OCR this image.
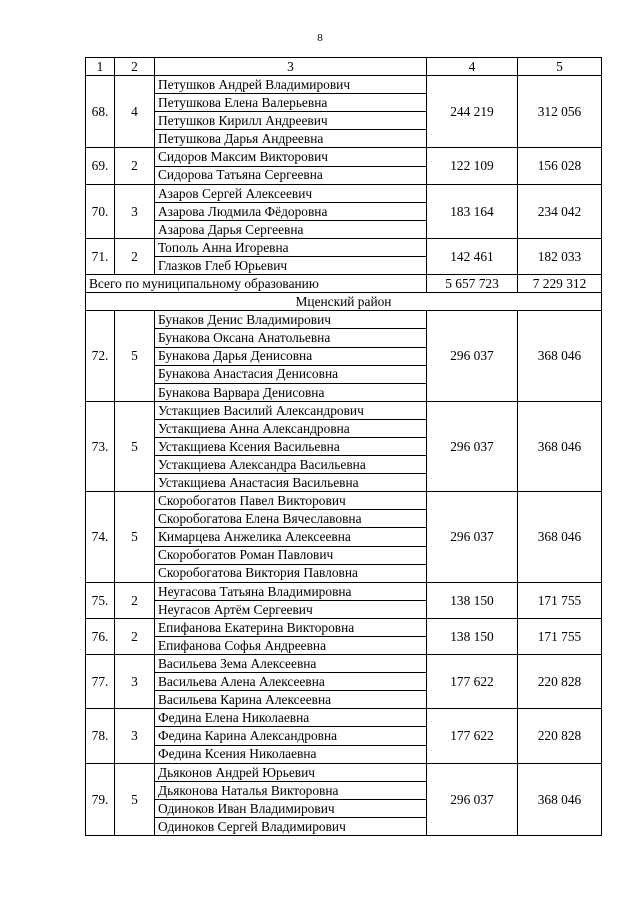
8
1	2	3	4	5
68.	4	Петушков Андрей Владимирович	244 219	312 056
		Петушкова Елена Валерьевна		
		Петушков Кирилл Андреевич		
		Петушкова Дарья Андреевна		
69.	2	Сидоров Максим Викторович	122 109	156 028
		Сидорова Татьяна Сергеевна		
70.	3	Азаров Сергей Алексеевич	183 164	234 042
		Азарова Людмила Фёдоровна		
		Азарова Дарья Сергеевна		
71.	2	Тополь Анна Игоревна	142 461	182 033
		Глазков Глеб Юрьевич		
Всего по муниципальному образованию			5 657 723	7 229 312
Мценский район				
72.	5	Бунаков Денис Владимирович	296 037	368 046
		Бунакова Оксана Анатольевна		
		Бунакова Дарья Денисовна		
		Бунакова Анастасия Денисовна		
		Бунакова Варвара Денисовна		
73.	5	Устакщиев Василий Александрович	296 037	368 046
		Устакщиева Анна Александровна		
		Устакщиева Ксения Васильевна		
		Устакщиева Александра Васильевна		
		Устакщиева Анастасия Васильевна		
74.	5	Скоробогатов Павел Викторович	296 037	368 046
		Скоробогатова Елена Вячеславовна		
		Кимарцева Анжелика Алексеевна		
		Скоробогатов Роман Павлович		
		Скоробогатова Виктория Павловна		
75.	2	Неугасова Татьяна Владимировна	138 150	171 755
		Неугасов Артём Сергеевич		
76.	2	Епифанова Екатерина Викторовна	138 150	171 755
		Епифанова Софья Андреевна		
77.	3	Васильева Зема Алексеевна	177 622	220 828
		Васильева Алена Алексеевна		
		Васильева Карина Алексеевна		
78.	3	Федина Елена Николаевна	177 622	220 828
		Федина Карина Александровна		
		Федина Ксения Николаевна		
79.	5	Дьяконов Андрей Юрьевич	296 037	368 046
		Дьяконова Наталья Викторовна		
		Одиноков Иван Владимирович		
		Одиноков Сергей Владимирович		
